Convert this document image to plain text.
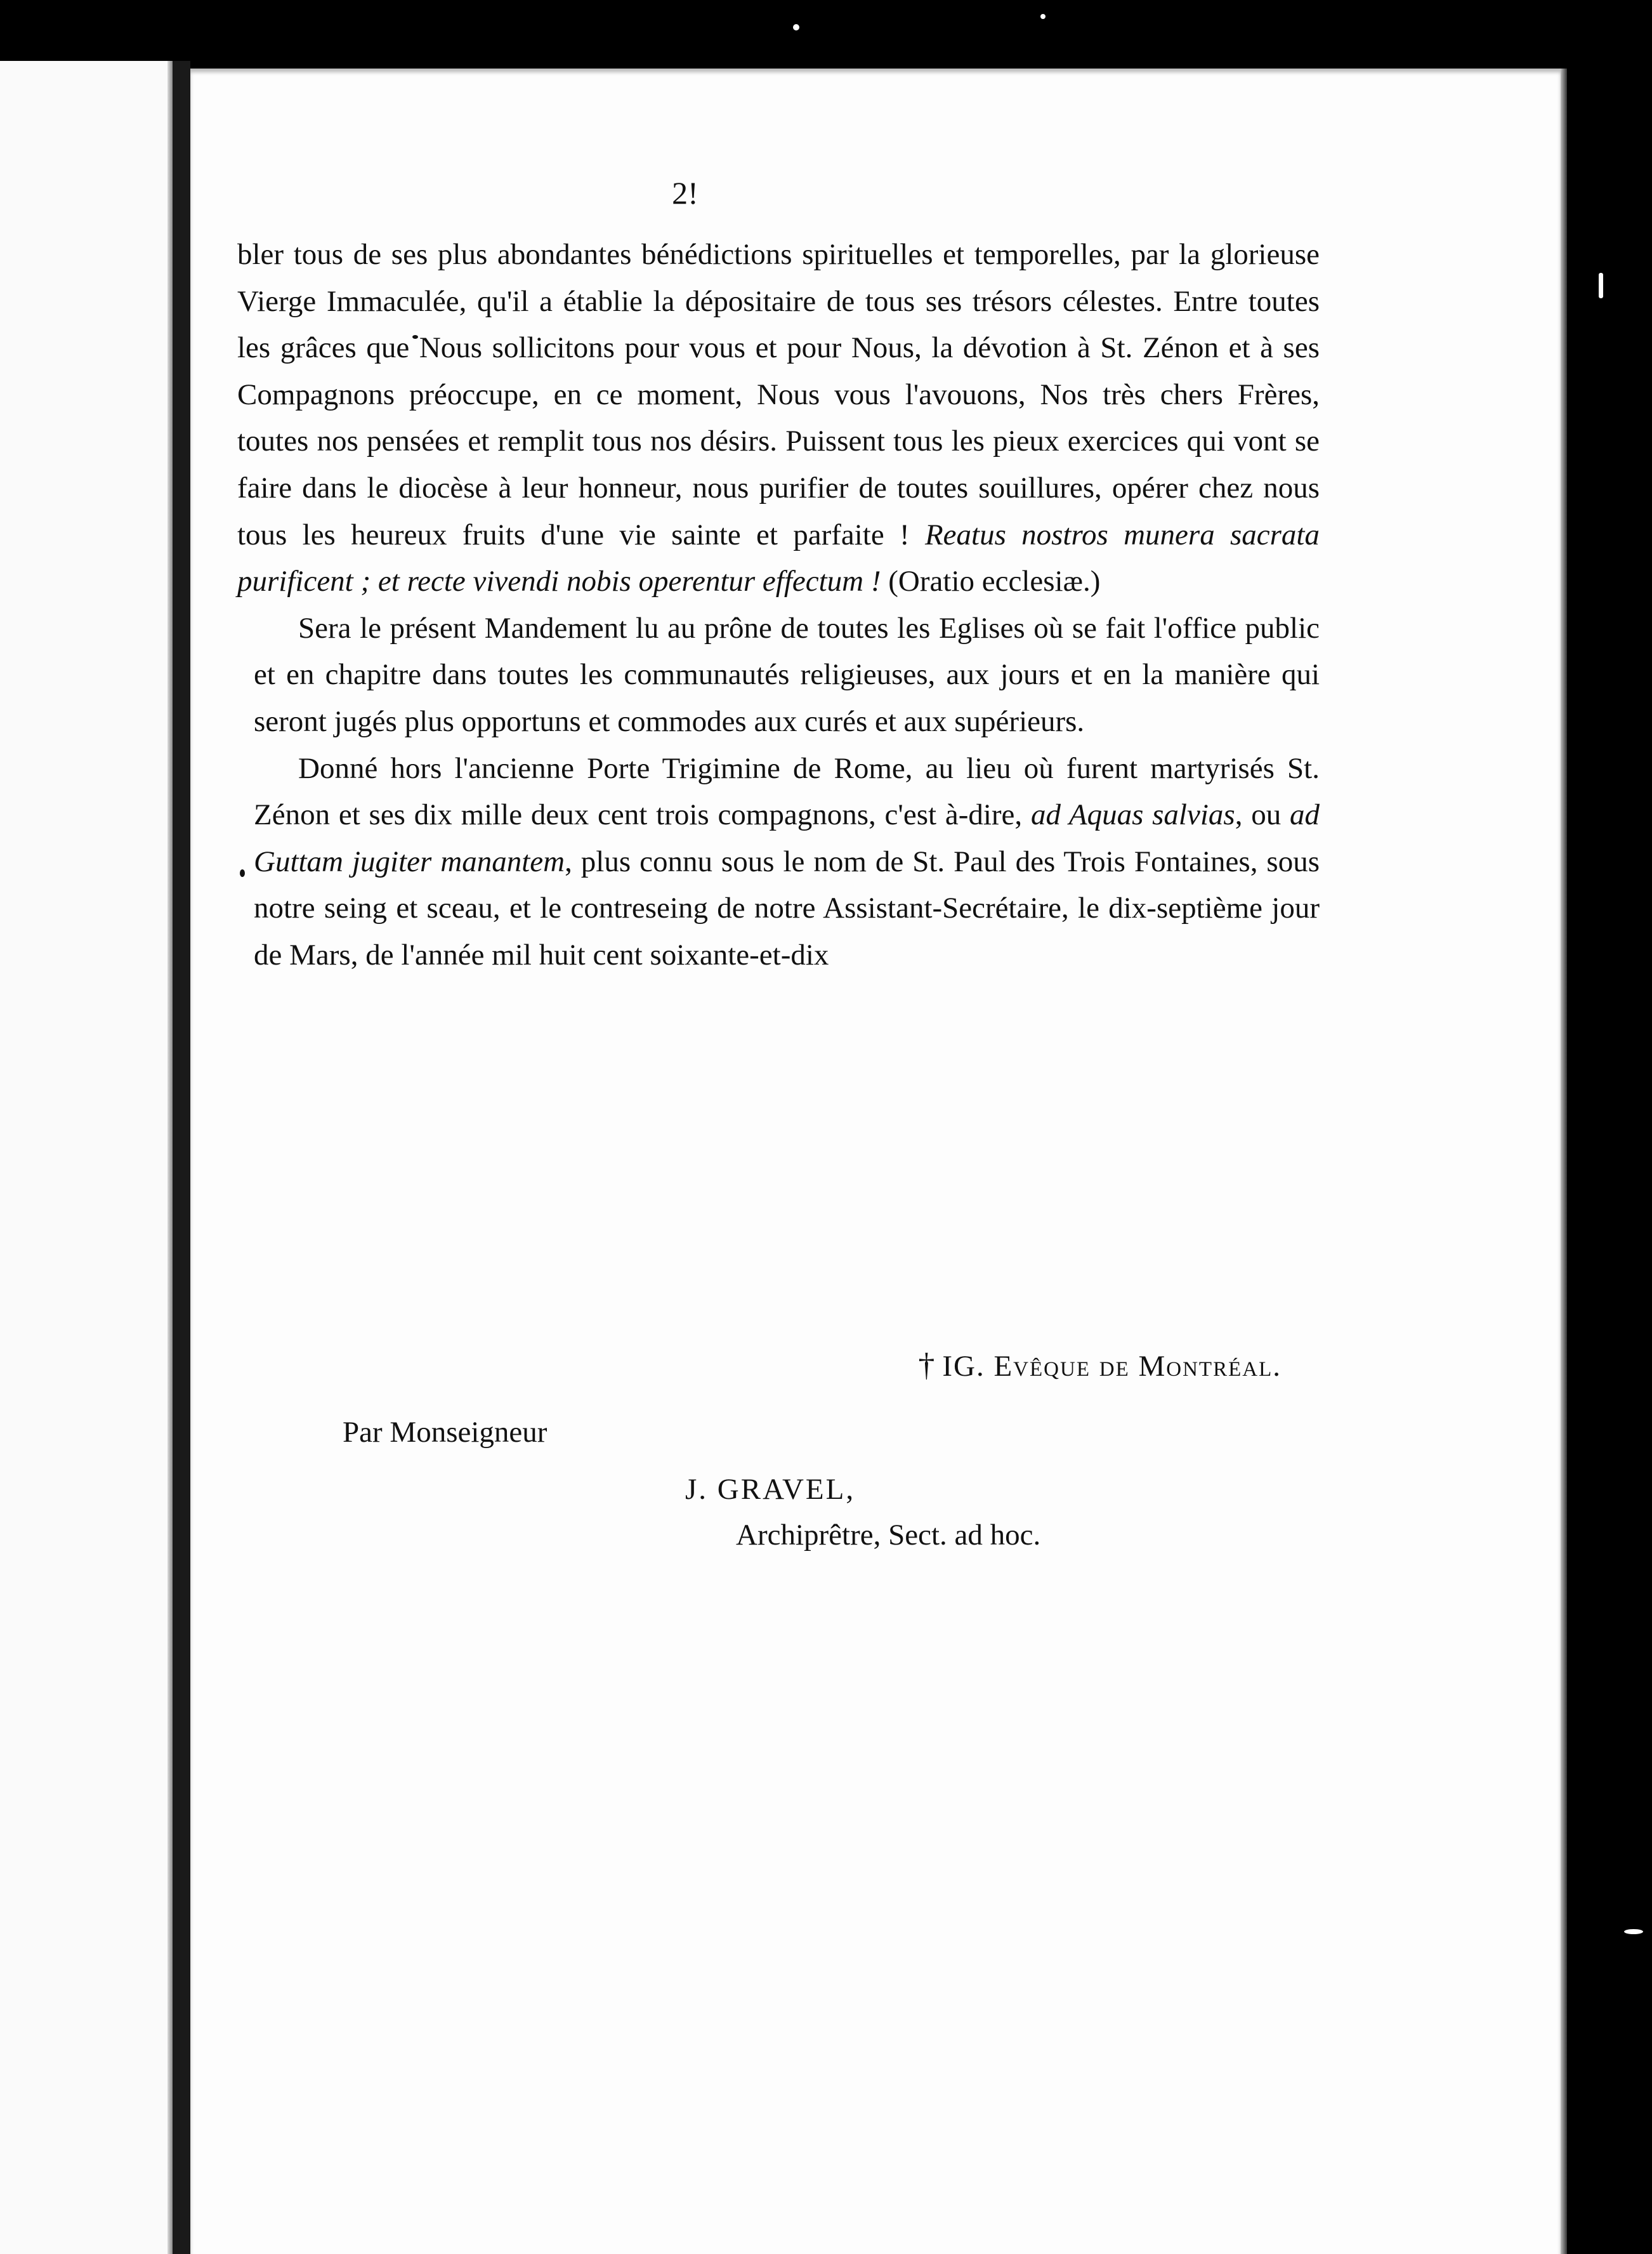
2!

bler tous de ses plus abondantes bénédictions spirituelles et temporelles, par la glorieuse Vierge Immaculée, qu'il a établie la dépositaire de tous ses trésors célestes. Entre toutes les grâces que Nous sollicitons pour vous et pour Nous, la dévotion à St. Zénon et à ses Compagnons préoccupe, en ce moment, Nous vous l'avouons, Nos très chers Frères, toutes nos pensées et remplit tous nos désirs. Puissent tous les pieux exercices qui vont se faire dans le diocèse à leur honneur, nous purifier de toutes souillures, opérer chez nous tous les heureux fruits d'une vie sainte et parfaite ! Reatus nostros munera sacrata purificent ; et recte vivendi nobis operentur effectum ! (Oratio ecclesiæ.)

Sera le présent Mandement lu au prône de toutes les Eglises où se fait l'office public et en chapitre dans toutes les communautés religieuses, aux jours et en la manière qui seront jugés plus opportuns et commodes aux curés et aux supérieurs.

Donné hors l'ancienne Porte Trigimine de Rome, au lieu où furent martyrisés St. Zénon et ses dix mille deux cent trois compagnons, c'est à-dire, ad Aquas salvias, ou ad Guttam jugiter manantem, plus connu sous le nom de St. Paul des Trois Fontaines, sous notre seing et sceau, et le contreseing de notre Assistant-Secrétaire, le dix-septième jour de Mars, de l'année mil huit cent soixante-et-dix

† IG. Evêque de Montréal.
Par Monseigneur
J. GRAVEL,
Archiprêtre, Sect. ad hoc.
